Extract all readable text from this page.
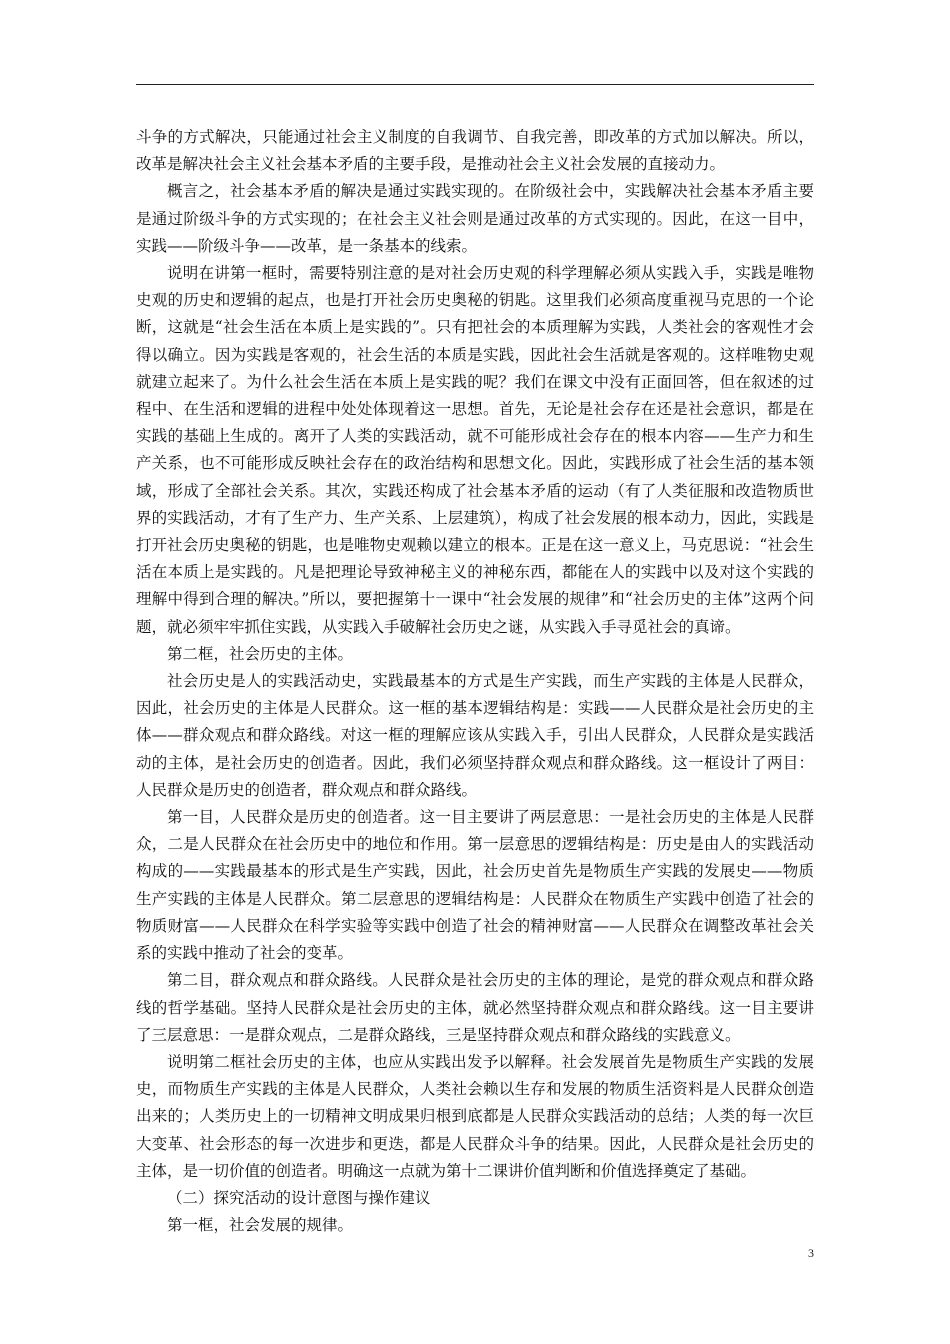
斗争的方式解决，只能通过社会主义制度的自我调节、自我完善，即改革的方式加以解决。所以，改革是解决社会主义社会基本矛盾的主要手段，是推动社会主义社会发展的直接动力。

概言之，社会基本矛盾的解决是通过实践实现的。在阶级社会中，实践解决社会基本矛盾主要是通过阶级斗争的方式实现的；在社会主义社会则是通过改革的方式实现的。因此，在这一目中，实践——阶级斗争——改革，是一条基本的线索。

说明在讲第一框时，需要特别注意的是对社会历史观的科学理解必须从实践入手，实践是唯物史观的历史和逻辑的起点，也是打开社会历史奥秘的钥匙。这里我们必须高度重视马克思的一个论断，这就是“社会生活在本质上是实践的”。只有把社会的本质理解为实践，人类社会的客观性才会得以确立。因为实践是客观的，社会生活的本质是实践，因此社会生活就是客观的。这样唯物史观就建立起来了。为什么社会生活在本质上是实践的呢？我们在课文中没有正面回答，但在叙述的过程中、在生活和逻辑的进程中处处体现着这一思想。首先，无论是社会存在还是社会意识，都是在实践的基础上生成的。离开了人类的实践活动，就不可能形成社会存在的根本内容——生产力和生产关系，也不可能形成反映社会存在的政治结构和思想文化。因此，实践形成了社会生活的基本领域，形成了全部社会关系。其次，实践还构成了社会基本矛盾的运动（有了人类征服和改造物质世界的实践活动，才有了生产力、生产关系、上层建筑），构成了社会发展的根本动力，因此，实践是打开社会历史奥秘的钥匙，也是唯物史观赖以建立的根本。正是在这一意义上，马克思说：“社会生活在本质上是实践的。凡是把理论导致神秘主义的神秘东西，都能在人的实践中以及对这个实践的理解中得到合理的解决。”所以，要把握第十一课中“社会发展的规律”和“社会历史的主体”这两个问题，就必须牢牢抓住实践，从实践入手破解社会历史之谜，从实践入手寻觅社会的真谛。

第二框，社会历史的主体。

社会历史是人的实践活动史，实践最基本的方式是生产实践，而生产实践的主体是人民群众，因此，社会历史的主体是人民群众。这一框的基本逻辑结构是：实践——人民群众是社会历史的主体——群众观点和群众路线。对这一框的理解应该从实践入手，引出人民群众，人民群众是实践活动的主体，是社会历史的创造者。因此，我们必须坚持群众观点和群众路线。这一框设计了两目：人民群众是历史的创造者，群众观点和群众路线。

第一目，人民群众是历史的创造者。这一目主要讲了两层意思：一是社会历史的主体是人民群众，二是人民群众在社会历史中的地位和作用。第一层意思的逻辑结构是：历史是由人的实践活动构成的——实践最基本的形式是生产实践，因此，社会历史首先是物质生产实践的发展史——物质生产实践的主体是人民群众。第二层意思的逻辑结构是：人民群众在物质生产实践中创造了社会的物质财富——人民群众在科学实验等实践中创造了社会的精神财富——人民群众在调整改革社会关系的实践中推动了社会的变革。

第二目，群众观点和群众路线。人民群众是社会历史的主体的理论，是党的群众观点和群众路线的哲学基础。坚持人民群众是社会历史的主体，就必然坚持群众观点和群众路线。这一目主要讲了三层意思：一是群众观点，二是群众路线，三是坚持群众观点和群众路线的实践意义。

说明第二框社会历史的主体，也应从实践出发予以解释。社会发展首先是物质生产实践的发展史，而物质生产实践的主体是人民群众，人类社会赖以生存和发展的物质生活资料是人民群众创造出来的；人类历史上的一切精神文明成果归根到底都是人民群众实践活动的总结；人类的每一次巨大变革、社会形态的每一次进步和更迭，都是人民群众斗争的结果。因此，人民群众是社会历史的主体，是一切价值的创造者。明确这一点就为第十二课讲价值判断和价值选择奠定了基础。

（二）探究活动的设计意图与操作建议

第一框，社会发展的规律。

3
